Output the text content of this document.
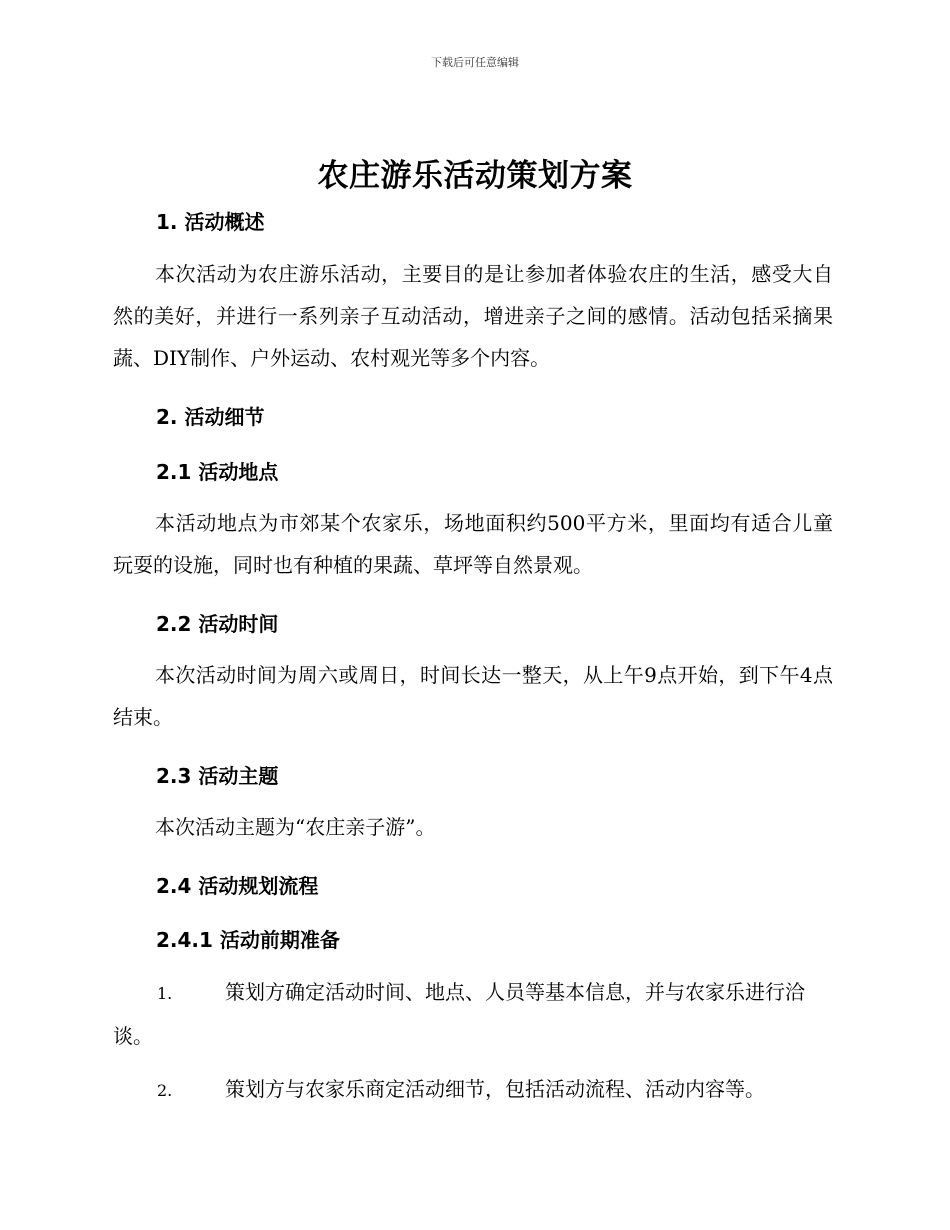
下载后可任意编辑
农庄游乐活动策划方案
1. 活动概述
本次活动为农庄游乐活动，主要目的是让参加者体验农庄的生活，感受大自然的美好，并进行一系列亲子互动活动，增进亲子之间的感情。活动包括采摘果蔬、DIY制作、户外运动、农村观光等多个内容。
2. 活动细节
2.1 活动地点
本活动地点为市郊某个农家乐，场地面积约500平方米，里面均有适合儿童玩耍的设施，同时也有种植的果蔬、草坪等自然景观。
2.2 活动时间
本次活动时间为周六或周日，时间长达一整天，从上午9点开始，到下午4点结束。
2.3 活动主题
本次活动主题为“农庄亲子游”。
2.4 活动规划流程
2.4.1 活动前期准备
1.	策划方确定活动时间、地点、人员等基本信息，并与农家乐进行洽谈。
2.	策划方与农家乐商定活动细节，包括活动流程、活动内容等。
